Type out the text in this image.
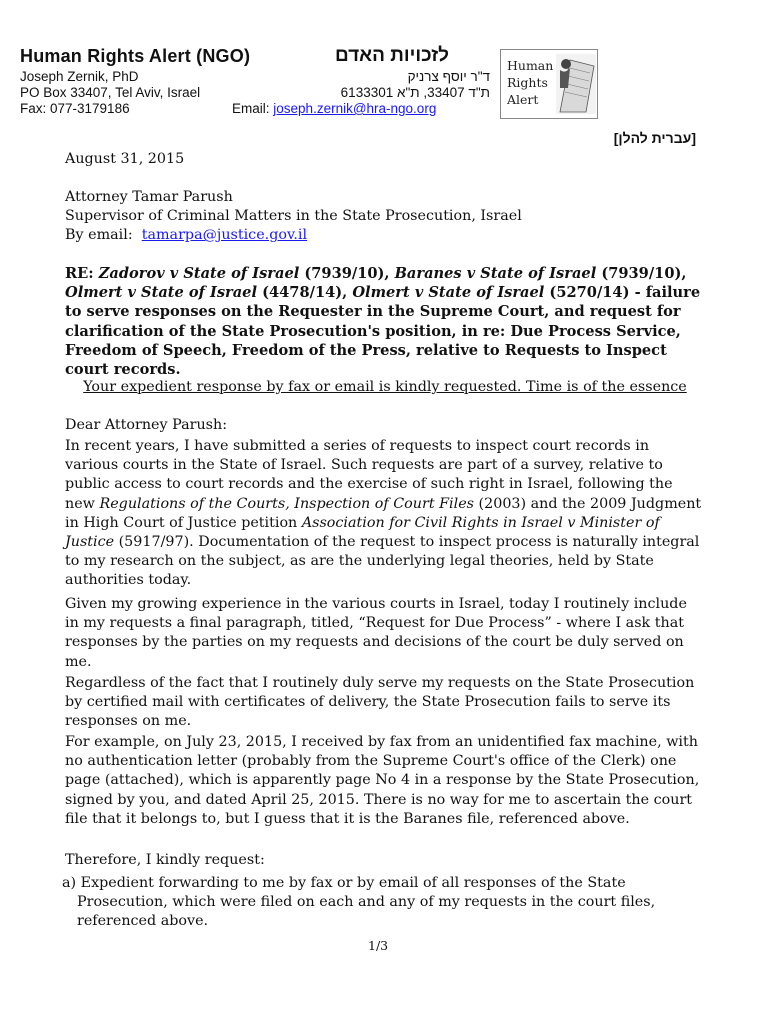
Human Rights Alert (NGO)	לזכויות האדם
Joseph Zernik, PhD	ד"ר יוסף צרניק
PO Box 33407, Tel Aviv, Israel	ת"ד 33407, ת"א 6133301
Fax: 077-3179186	Email: joseph.zernik@hra-ngo.org
Human
Rights
Alert
[עברית להלן]
August 31, 2015

Attorney Tamar Parush

Supervisor of Criminal Matters in the State Prosecution, Israel

By email: tamarpa@justice.gov.il

RE: Zadorov v State of Israel (7939/10), Baranes v State of Israel (7939/10), Olmert v State of Israel (4478/14), Olmert v State of Israel (5270/14) - failure to serve responses on the Requester in the Supreme Court, and request for clarification of the State Prosecution's position, in re: Due Process Service, Freedom of Speech, Freedom of the Press, relative to Requests to Inspect court records.
Your expedient response by fax or email is kindly requested. Time is of the essence
Dear Attorney Parush:
In recent years, I have submitted a series of requests to inspect court records in various courts in the State of Israel. Such requests are part of a survey, relative to public access to court records and the exercise of such right in Israel, following the new Regulations of the Courts, Inspection of Court Files (2003) and the 2009 Judgment in High Court of Justice petition Association for Civil Rights in Israel v Minister of Justice (5917/97). Documentation of the request to inspect process is naturally integral to my research on the subject, as are the underlying legal theories, held by State authorities today.
Given my growing experience in the various courts in Israel, today I routinely include in my requests a final paragraph, titled, “Request for Due Process” - where I ask that responses by the parties on my requests and decisions of the court be duly served on me.
Regardless of the fact that I routinely duly serve my requests on the State Prosecution by certified mail with certificates of delivery, the State Prosecution fails to serve its responses on me.
For example, on July 23, 2015, I received by fax from an unidentified fax machine, with no authentication letter (probably from the Supreme Court's office of the Clerk) one page (attached), which is apparently page No 4 in a response by the State Prosecution, signed by you, and dated April 25, 2015. There is no way for me to ascertain the court file that it belongs to, but I guess that it is the Baranes file, referenced above.
Therefore, I kindly request:
a) Expedient forwarding to me by fax or by email of all responses of the State Prosecution, which were filed on each and any of my requests in the court files, referenced above.
1/3
